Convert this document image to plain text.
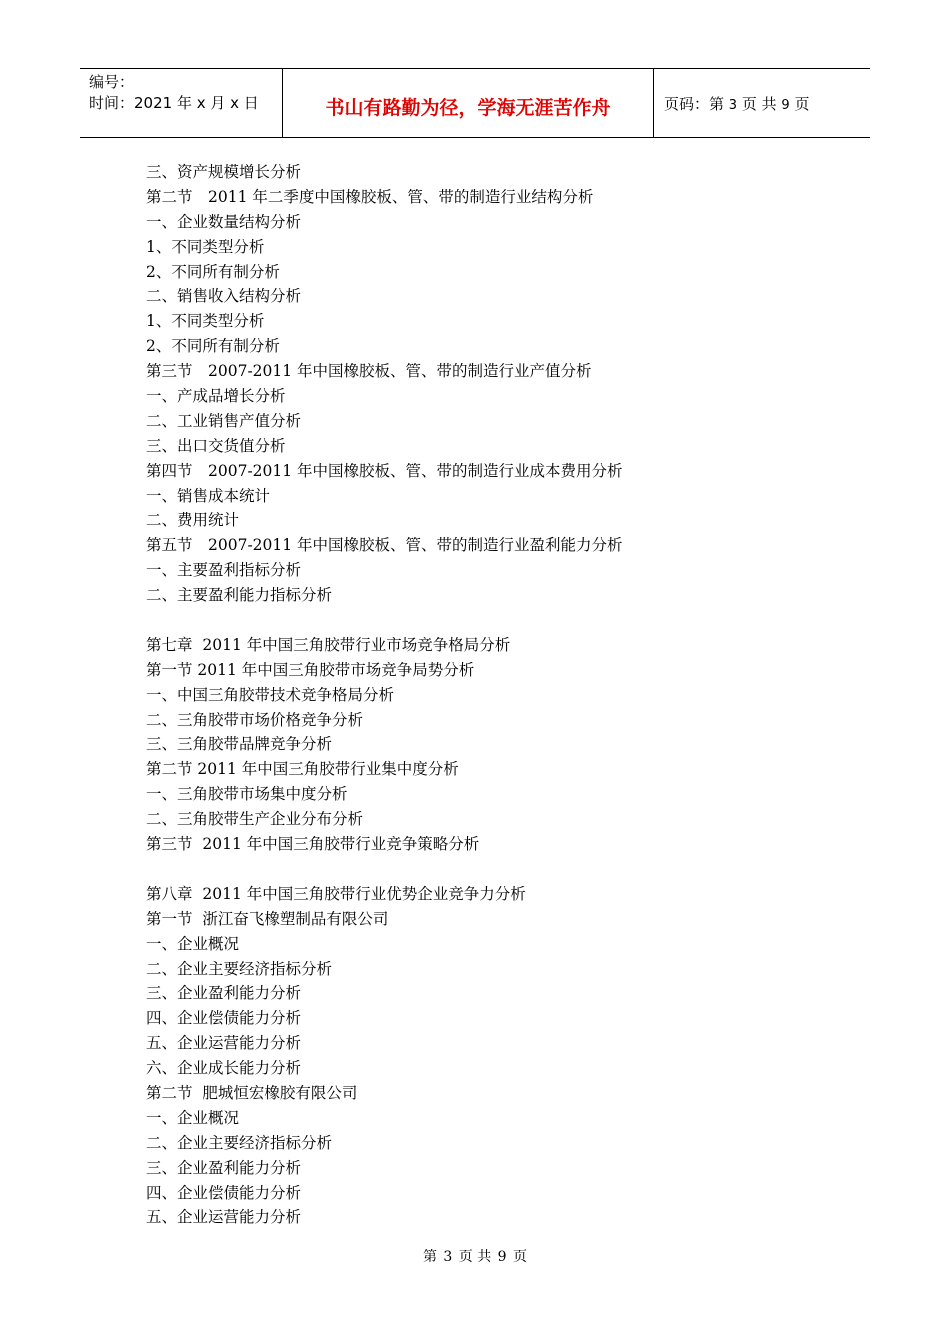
编号：
时间：2021 年 x 月 x 日	书山有路勤为径，学海无涯苦作舟	页码：第 3 页 共 9 页
三、资产规模增长分析
第二节　2011 年二季度中国橡胶板、管、带的制造行业结构分析
一、企业数量结构分析
1、不同类型分析
2、不同所有制分析
二、销售收入结构分析
1、不同类型分析
2、不同所有制分析
第三节　2007-2011 年中国橡胶板、管、带的制造行业产值分析
一、产成品增长分析
二、工业销售产值分析
三、出口交货值分析
第四节　2007-2011 年中国橡胶板、管、带的制造行业成本费用分析
一、销售成本统计
二、费用统计
第五节　2007-2011 年中国橡胶板、管、带的制造行业盈利能力分析
一、主要盈利指标分析
二、主要盈利能力指标分析
第七章  2011 年中国三角胶带行业市场竞争格局分析
第一节 2011 年中国三角胶带市场竞争局势分析
一、中国三角胶带技术竞争格局分析
二、三角胶带市场价格竞争分析
三、三角胶带品牌竞争分析
第二节 2011 年中国三角胶带行业集中度分析
一、三角胶带市场集中度分析
二、三角胶带生产企业分布分析
第三节  2011 年中国三角胶带行业竞争策略分析
第八章  2011 年中国三角胶带行业优势企业竞争力分析
第一节  浙江奋飞橡塑制品有限公司
一、企业概况
二、企业主要经济指标分析
三、企业盈利能力分析
四、企业偿债能力分析
五、企业运营能力分析
六、企业成长能力分析
第二节  肥城恒宏橡胶有限公司
一、企业概况
二、企业主要经济指标分析
三、企业盈利能力分析
四、企业偿债能力分析
五、企业运营能力分析
第 3 页 共 9 页
